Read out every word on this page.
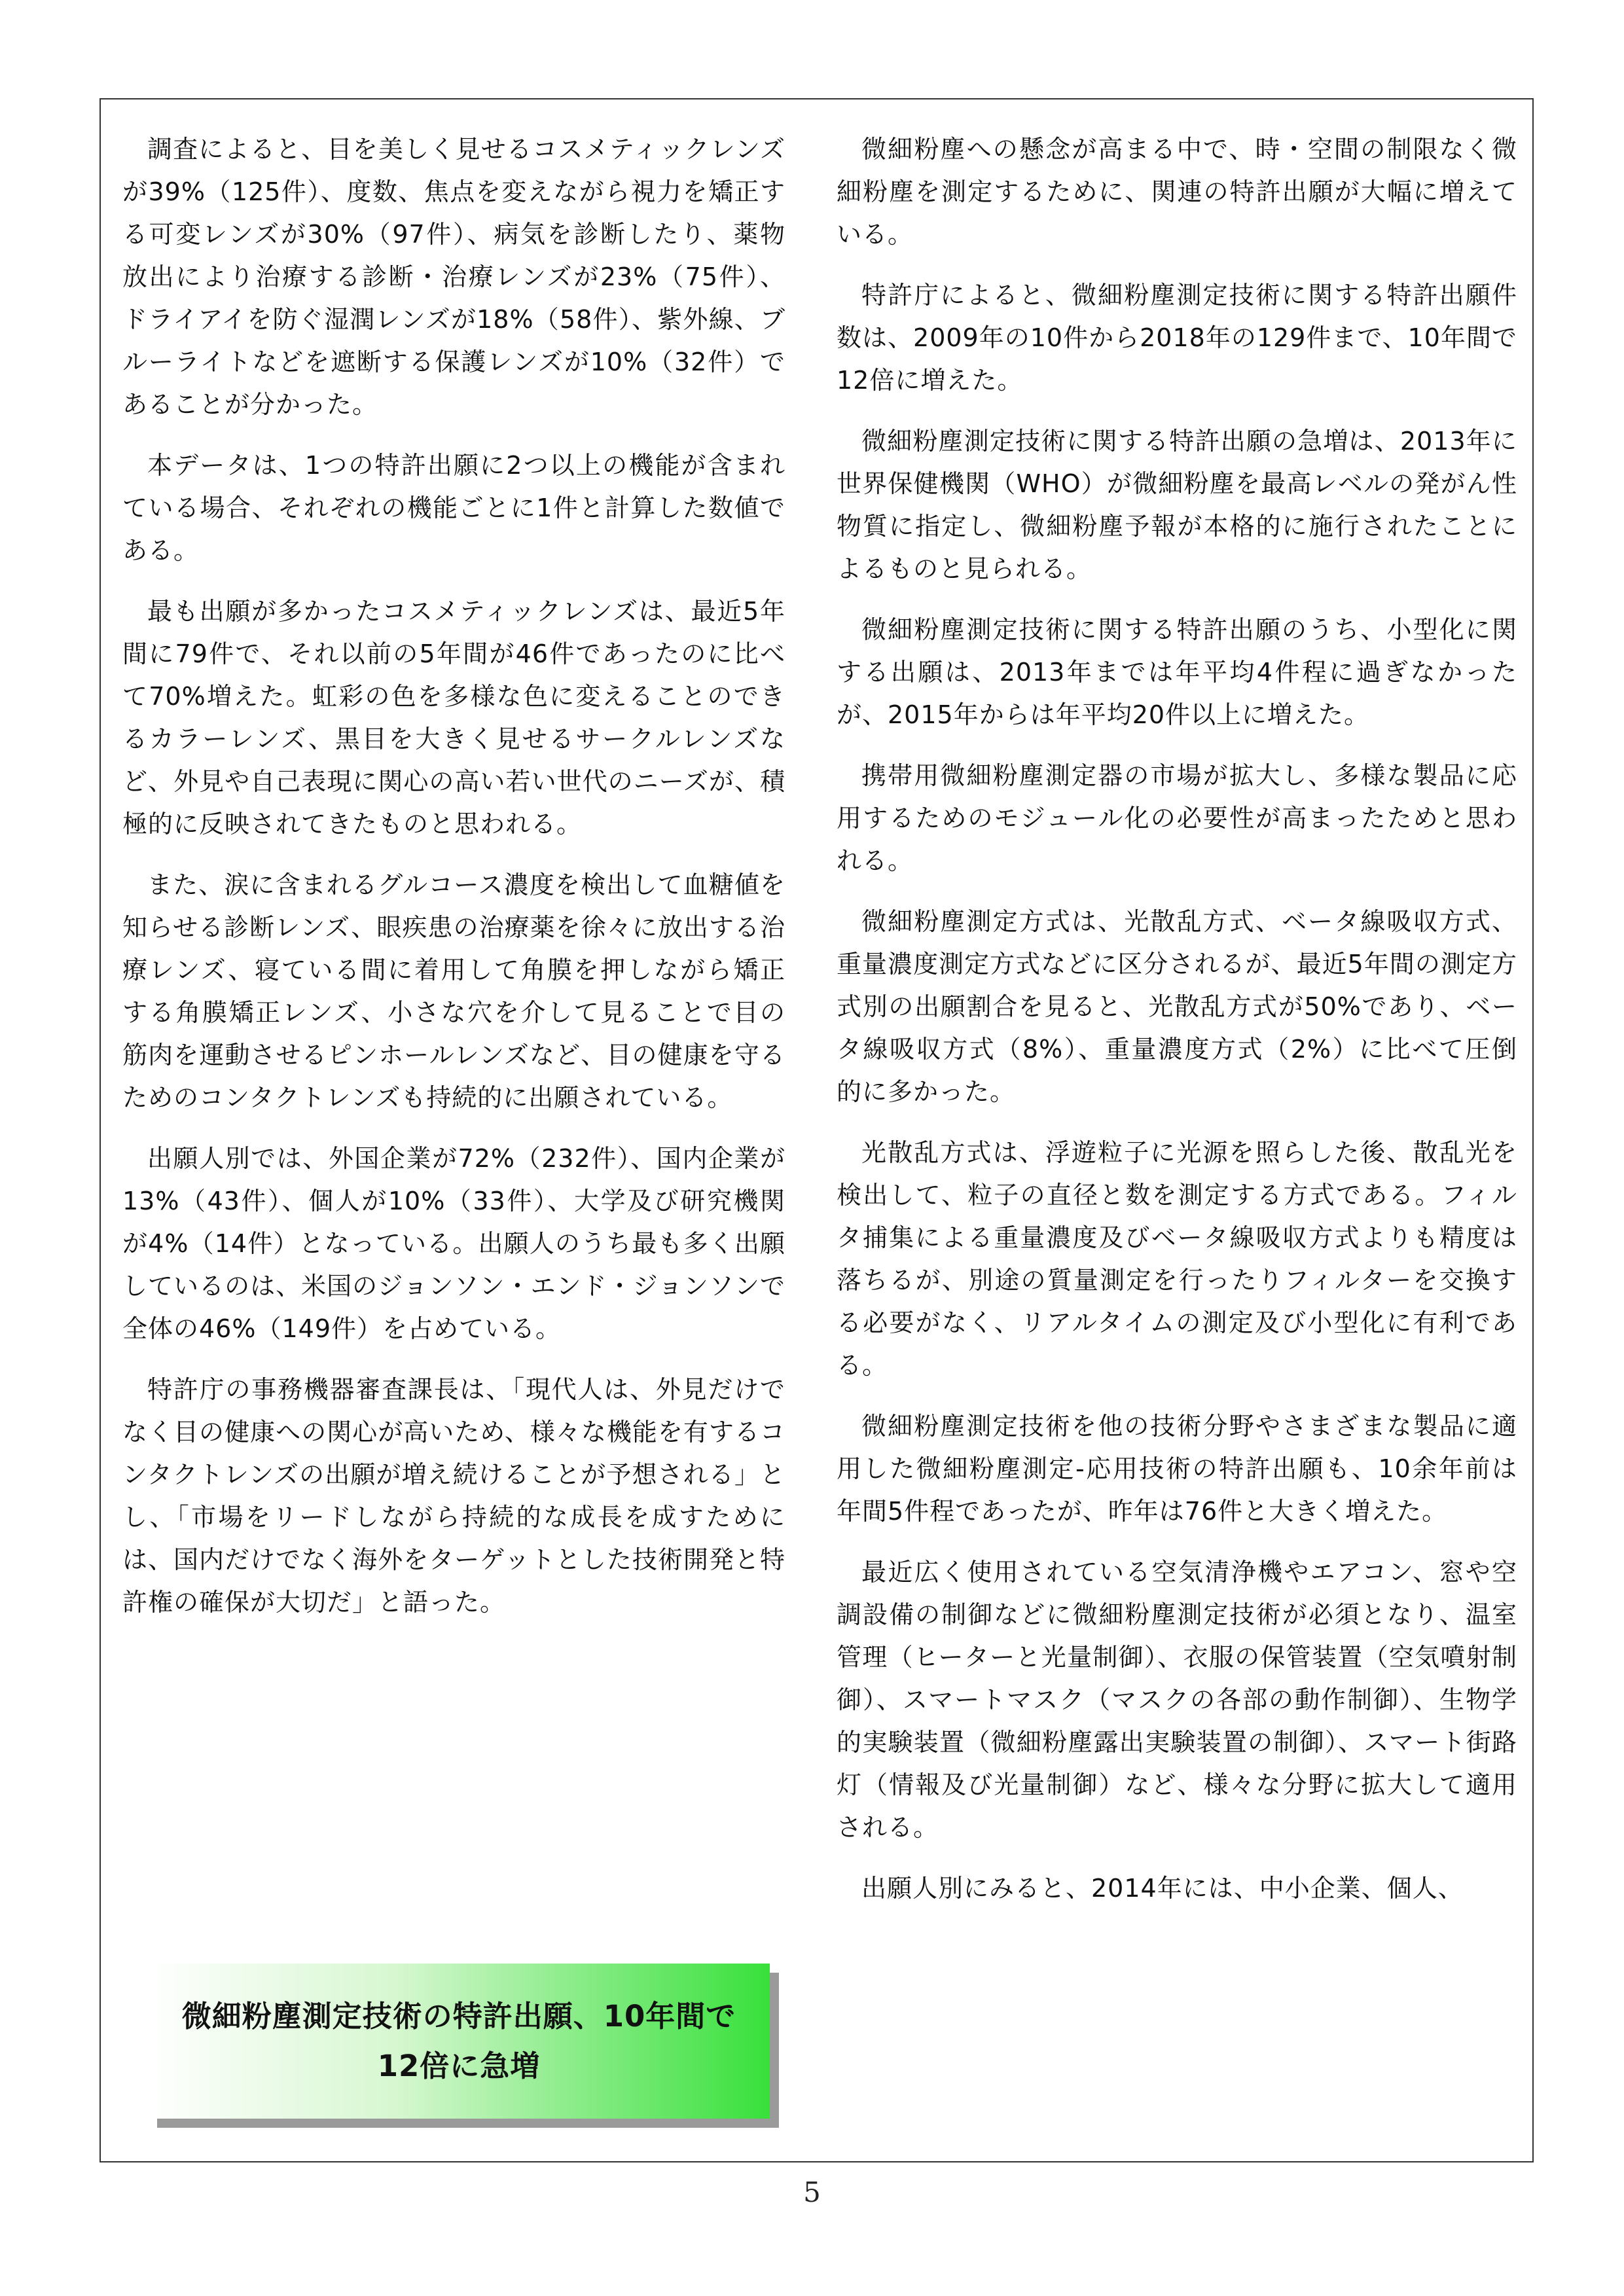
調査によると、目を美しく見せるコスメティックレンズが39%（125件）、度数、焦点を変えながら視力を矯正する可変レンズが30%（97件）、病気を診断したり、薬物放出により治療する診断・治療レンズが23%（75件）、ドライアイを防ぐ湿潤レンズが18%（58件）、紫外線、ブルーライトなどを遮断する保護レンズが10%（32件）であることが分かった。

本データは、1つの特許出願に2つ以上の機能が含まれている場合、それぞれの機能ごとに1件と計算した数値である。

最も出願が多かったコスメティックレンズは、最近5年間に79件で、それ以前の5年間が46件であったのに比べて70%増えた。虹彩の色を多様な色に変えることのできるカラーレンズ、黒目を大きく見せるサークルレンズなど、外見や自己表現に関心の高い若い世代のニーズが、積極的に反映されてきたものと思われる。

また、涙に含まれるグルコース濃度を検出して血糖値を知らせる診断レンズ、眼疾患の治療薬を徐々に放出する治療レンズ、寝ている間に着用して角膜を押しながら矯正する角膜矯正レンズ、小さな穴を介して見ることで目の筋肉を運動させるピンホールレンズなど、目の健康を守るためのコンタクトレンズも持続的に出願されている。

出願人別では、外国企業が72%（232件）、国内企業が13%（43件）、個人が10%（33件）、大学及び研究機関が4%（14件）となっている。出願人のうち最も多く出願しているのは、米国のジョンソン・エンド・ジョンソンで全体の46%（149件）を占めている。

特許庁の事務機器審査課長は、「現代人は、外見だけでなく目の健康への関心が高いため、様々な機能を有するコンタクトレンズの出願が増え続けることが予想される」とし、「市場をリードしながら持続的な成長を成すためには、国内だけでなく海外をターゲットとした技術開発と特許権の確保が大切だ」と語った。

微細粉塵測定技術の特許出願、10年間で12倍に急増

微細粉塵への懸念が高まる中で、時・空間の制限なく微細粉塵を測定するために、関連の特許出願が大幅に増えている。

特許庁によると、微細粉塵測定技術に関する特許出願件数は、2009年の10件から2018年の129件まで、10年間で12倍に増えた。

微細粉塵測定技術に関する特許出願の急増は、2013年に世界保健機関（WHO）が微細粉塵を最高レベルの発がん性物質に指定し、微細粉塵予報が本格的に施行されたことによるものと見られる。

微細粉塵測定技術に関する特許出願のうち、小型化に関する出願は、2013年までは年平均4件程に過ぎなかったが、2015年からは年平均20件以上に増えた。

携帯用微細粉塵測定器の市場が拡大し、多様な製品に応用するためのモジュール化の必要性が高まったためと思われる。

微細粉塵測定方式は、光散乱方式、ベータ線吸収方式、重量濃度測定方式などに区分されるが、最近5年間の測定方式別の出願割合を見ると、光散乱方式が50%であり、ベータ線吸収方式（8%）、重量濃度方式（2%）に比べて圧倒的に多かった。

光散乱方式は、浮遊粒子に光源を照らした後、散乱光を検出して、粒子の直径と数を測定する方式である。フィルタ捕集による重量濃度及びベータ線吸収方式よりも精度は落ちるが、別途の質量測定を行ったりフィルターを交換する必要がなく、リアルタイムの測定及び小型化に有利である。

微細粉塵測定技術を他の技術分野やさまざまな製品に適用した微細粉塵測定-応用技術の特許出願も、10余年前は年間5件程であったが、昨年は76件と大きく増えた。

最近広く使用されている空気清浄機やエアコン、窓や空調設備の制御などに微細粉塵測定技術が必須となり、温室管理（ヒーターと光量制御）、衣服の保管装置（空気噴射制御）、スマートマスク（マスクの各部の動作制御）、生物学的実験装置（微細粉塵露出実験装置の制御）、スマート街路灯（情報及び光量制御）など、様々な分野に拡大して適用される。

出願人別にみると、2014年には、中小企業、個人、

5
